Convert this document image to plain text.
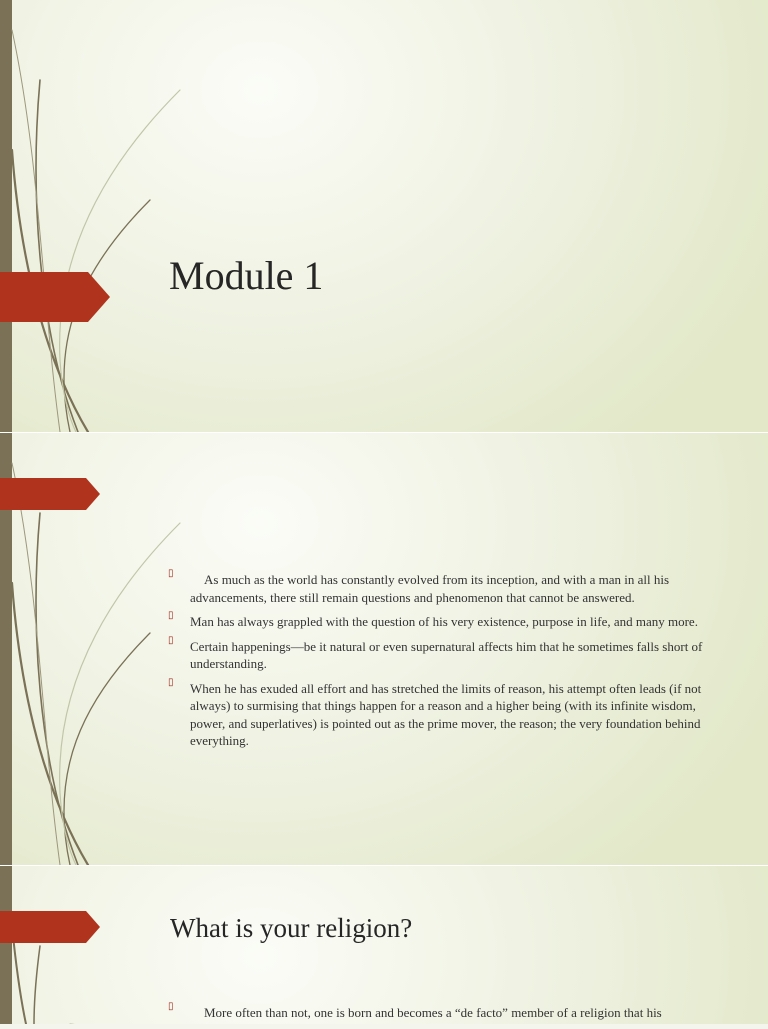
Module 1
▯ As much as the world has constantly evolved from its inception, and with a man in all his advancements, there still remain questions and phenomenon that cannot be answered.
▯ Man has always grappled with the question of his very existence, purpose in life, and many more.
▯ Certain happenings—be it natural or even supernatural affects him that he sometimes falls short of understanding.
▯ When he has exuded all effort and has stretched the limits of reason, his attempt often leads (if not always) to surmising that things happen for a reason and a higher being (with its infinite wisdom, power, and superlatives) is pointed out as the prime mover, the reason; the very foundation behind everything.
What is your religion?
▯ More often than not, one is born and becomes a “de facto” member of a religion that his
